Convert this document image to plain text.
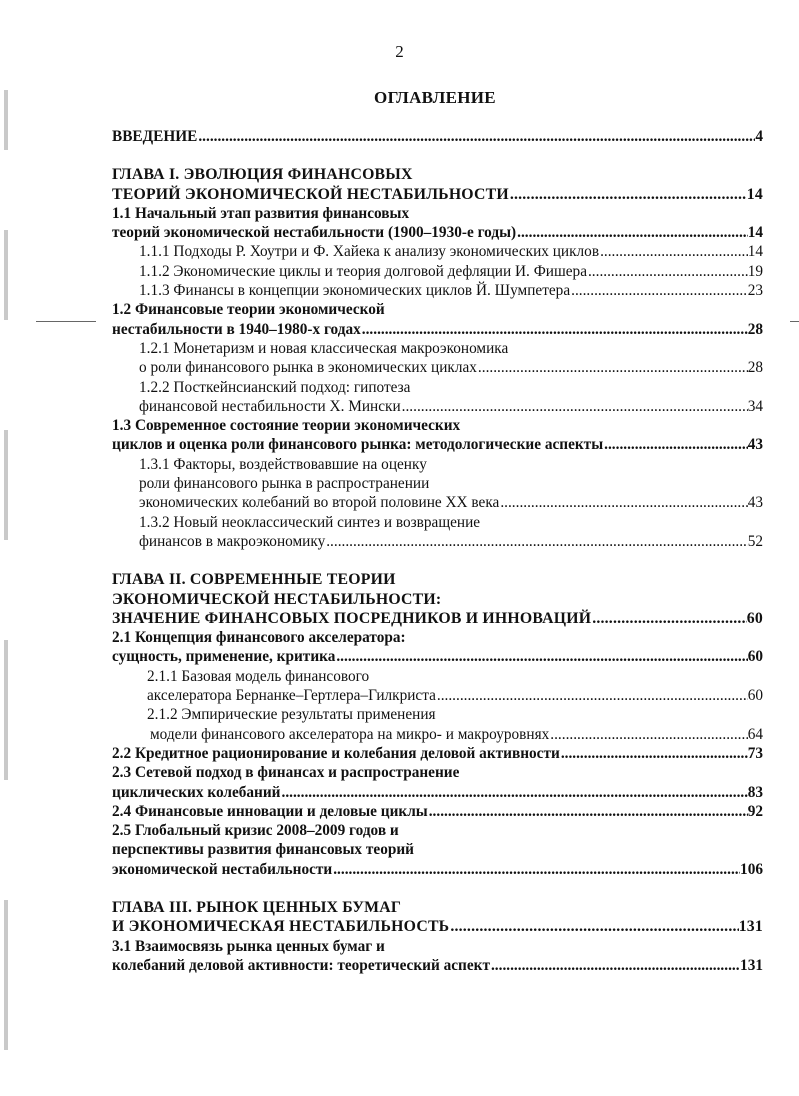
2
ОГЛАВЛЕНИЕ
ВВЕДЕНИЕ .....	4
ГЛАВА I. ЭВОЛЮЦИЯ ФИНАНСОВЫХ
ТЕОРИЙ ЭКОНОМИЧЕСКОЙ НЕСТАБИЛЬНОСТИ .....	14
1.1 Начальный этап развития финансовых
теорий экономической нестабильности (1900–1930-е годы) .....	14
1.1.1 Подходы Р. Хоутри и Ф. Хайека к анализу экономических циклов .....	14
1.1.2 Экономические циклы и теория долговой дефляции И. Фишера .....	19
1.1.3 Финансы в концепции экономических циклов Й. Шумпетера .....	23
1.2 Финансовые теории экономической
нестабильности в 1940–1980-х годах .....	28
1.2.1 Монетаризм и новая классическая макроэкономика
о роли финансового рынка в экономических циклах .....	28
1.2.2 Посткейнсианский подход: гипотеза
финансовой нестабильности Х. Мински .....	34
1.3 Современное состояние теории экономических
циклов и оценка роли финансового рынка: методологические аспекты .....	43
1.3.1 Факторы, воздействовавшие на оценку
роли финансового рынка в распространении
экономических колебаний во второй половине XX века .....	43
1.3.2 Новый неоклассический синтез и возвращение
финансов в макроэкономику .....	52
ГЛАВА II. СОВРЕМЕННЫЕ ТЕОРИИ
ЭКОНОМИЧЕСКОЙ НЕСТАБИЛЬНОСТИ:
ЗНАЧЕНИЕ ФИНАНСОВЫХ ПОСРЕДНИКОВ И ИННОВАЦИЙ .....	60
2.1 Концепция финансового акселератора:
сущность, применение, критика .....	60
2.1.1 Базовая модель финансового
акселератора Бернанке–Гертлера–Гилкриста .....	60
2.1.2 Эмпирические результаты применения
модели финансового акселератора на микро- и макроуровнях .....	64
2.2 Кредитное рационирование и колебания деловой активности .....	73
2.3 Сетевой подход в финансах и распространение
циклических колебаний .....	83
2.4 Финансовые инновации и деловые циклы .....	92
2.5 Глобальный кризис 2008–2009 годов и
перспективы развития финансовых теорий
экономической нестабильности .....	106
ГЛАВА III. РЫНОК ЦЕННЫХ БУМАГ
И ЭКОНОМИЧЕСКАЯ НЕСТАБИЛЬНОСТЬ .....	131
3.1 Взаимосвязь рынка ценных бумаг и
колебаний деловой активности: теоретический аспект .....	131
